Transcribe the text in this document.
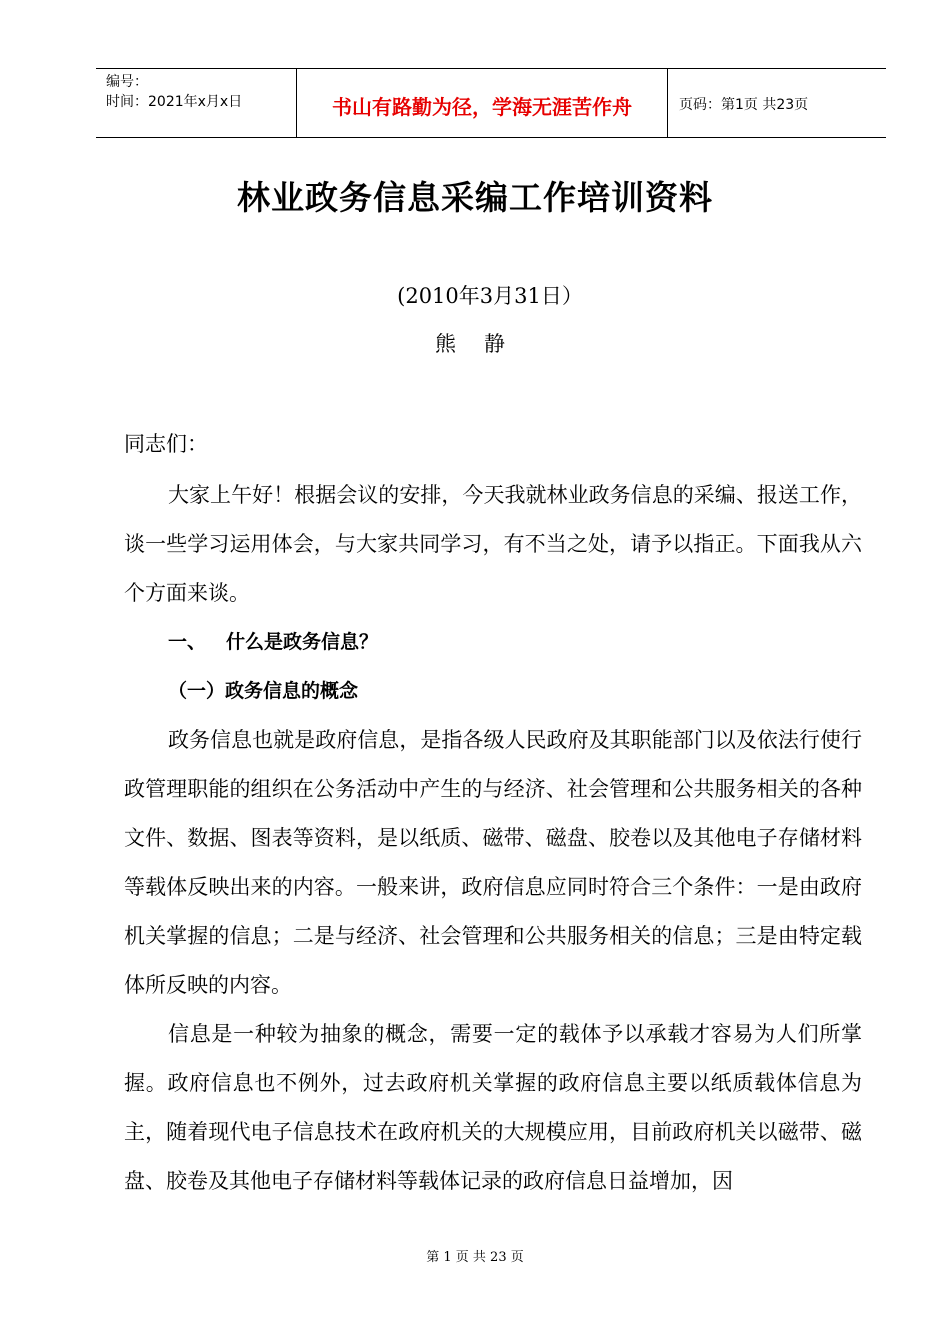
编号：
时间：2021年x月x日	书山有路勤为径，学海无涯苦作舟	页码：第1页 共23页
林业政务信息采编工作培训资料
(2010年3月31日）
熊静

同志们：

大家上午好！根据会议的安排，今天我就林业政务信息的采编、报送工作，谈一些学习运用体会，与大家共同学习，有不当之处，请予以指正。下面我从六个方面来谈。

一、 什么是政务信息？

（一）政务信息的概念

政务信息也就是政府信息，是指各级人民政府及其职能部门以及依法行使行政管理职能的组织在公务活动中产生的与经济、社会管理和公共服务相关的各种文件、数据、图表等资料，是以纸质、磁带、磁盘、胶卷以及其他电子存储材料等载体反映出来的内容。一般来讲，政府信息应同时符合三个条件：一是由政府机关掌握的信息；二是与经济、社会管理和公共服务相关的信息；三是由特定载体所反映的内容。

信息是一种较为抽象的概念，需要一定的载体予以承载才容易为人们所掌握。政府信息也不例外，过去政府机关掌握的政府信息主要以纸质载体信息为主，随着现代电子信息技术在政府机关的大规模应用，目前政府机关以磁带、磁盘、胶卷及其他电子存储材料等载体记录的政府信息日益增加，因

第 1 页 共 23 页
